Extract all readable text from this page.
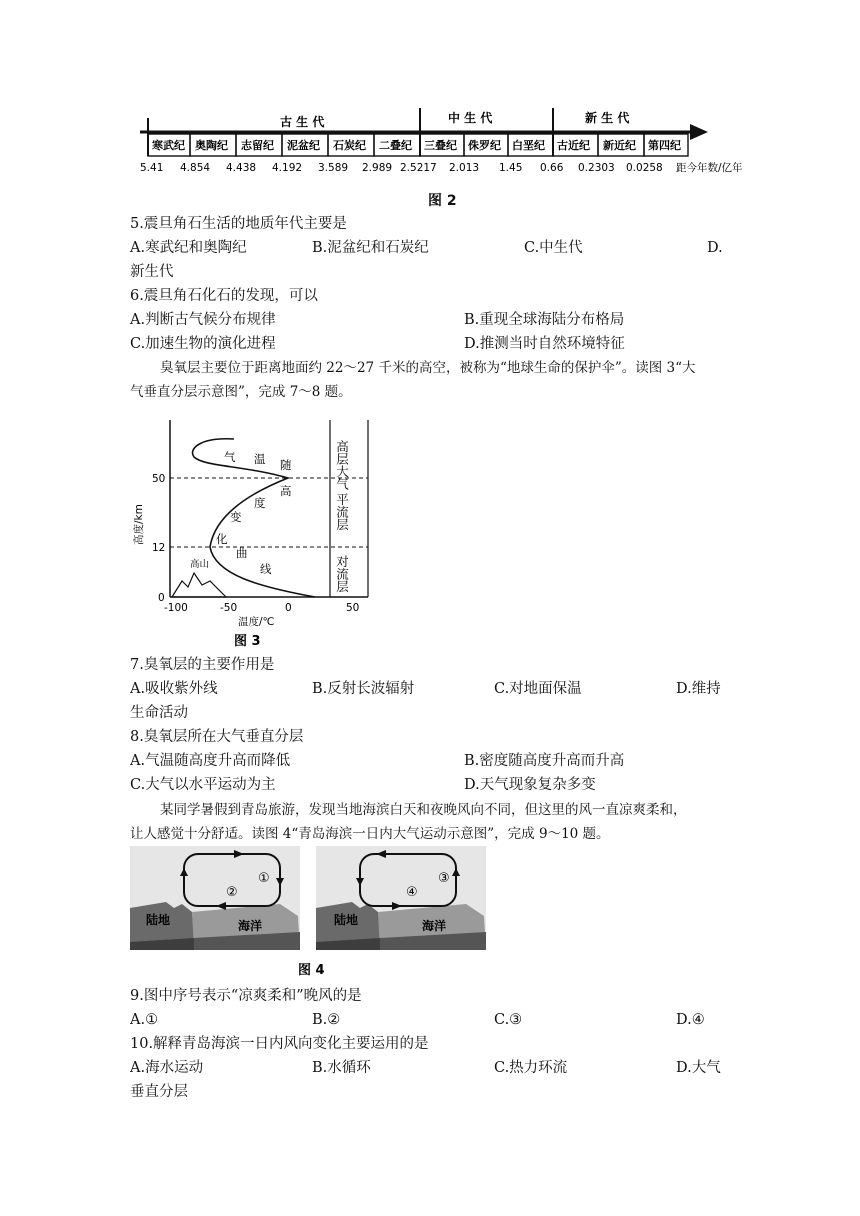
古 生 代	中 生 代	新 生 代
寒武纪 奥陶纪 志留纪 泥盆纪 石炭纪 二叠纪 三叠纪 侏罗纪 白垩纪 古近纪 新近纪 第四纪
5.41 4.854 4.438 4.192 3.589 2.989 2.5217 2.013 1.45 0.66 0.2303 0.0258 距今年数/亿年
图 2
5.震旦角石生活的地质年代主要是
A.寒武纪和奥陶纪	B.泥盆纪和石炭纪	C.中生代	D.
新生代
6.震旦角石化石的发现，可以
A.判断古气候分布规律	B.重现全球海陆分布格局
C.加速生物的演化进程	D.推测当时自然环境特征
臭氧层主要位于距离地面约 22～27 千米的高空，被称为“地球生命的保护伞”。读图 3“大
气垂直分层示意图”，完成 7～8 题。
高山
高层大气
平流层
对流层
气 温 随
高
度
变
化
曲
线
50
12
0
高度/km
-100	-50	0	50
温度/℃
图 3
7.臭氧层的主要作用是
A.吸收紫外线	B.反射长波辐射	C.对地面保温	D.维持
生命活动
8.臭氧层所在大气垂直分层
A.气温随高度升高而降低	B.密度随高度升高而升高
C.大气以水平运动为主	D.天气现象复杂多变
某同学暑假到青岛旅游，发现当地海滨白天和夜晚风向不同，但这里的风一直凉爽柔和，
让人感觉十分舒适。读图 4“青岛海滨一日内大气运动示意图”，完成 9～10 题。
陆地	海洋
①
②
陆地	海洋
③
④
图 4
9.图中序号表示“凉爽柔和”晚风的是
A.①	B.②	C.③	D.④
10.解释青岛海滨一日内风向变化主要运用的是
A.海水运动	B.水循环	C.热力环流	D.大气
垂直分层
